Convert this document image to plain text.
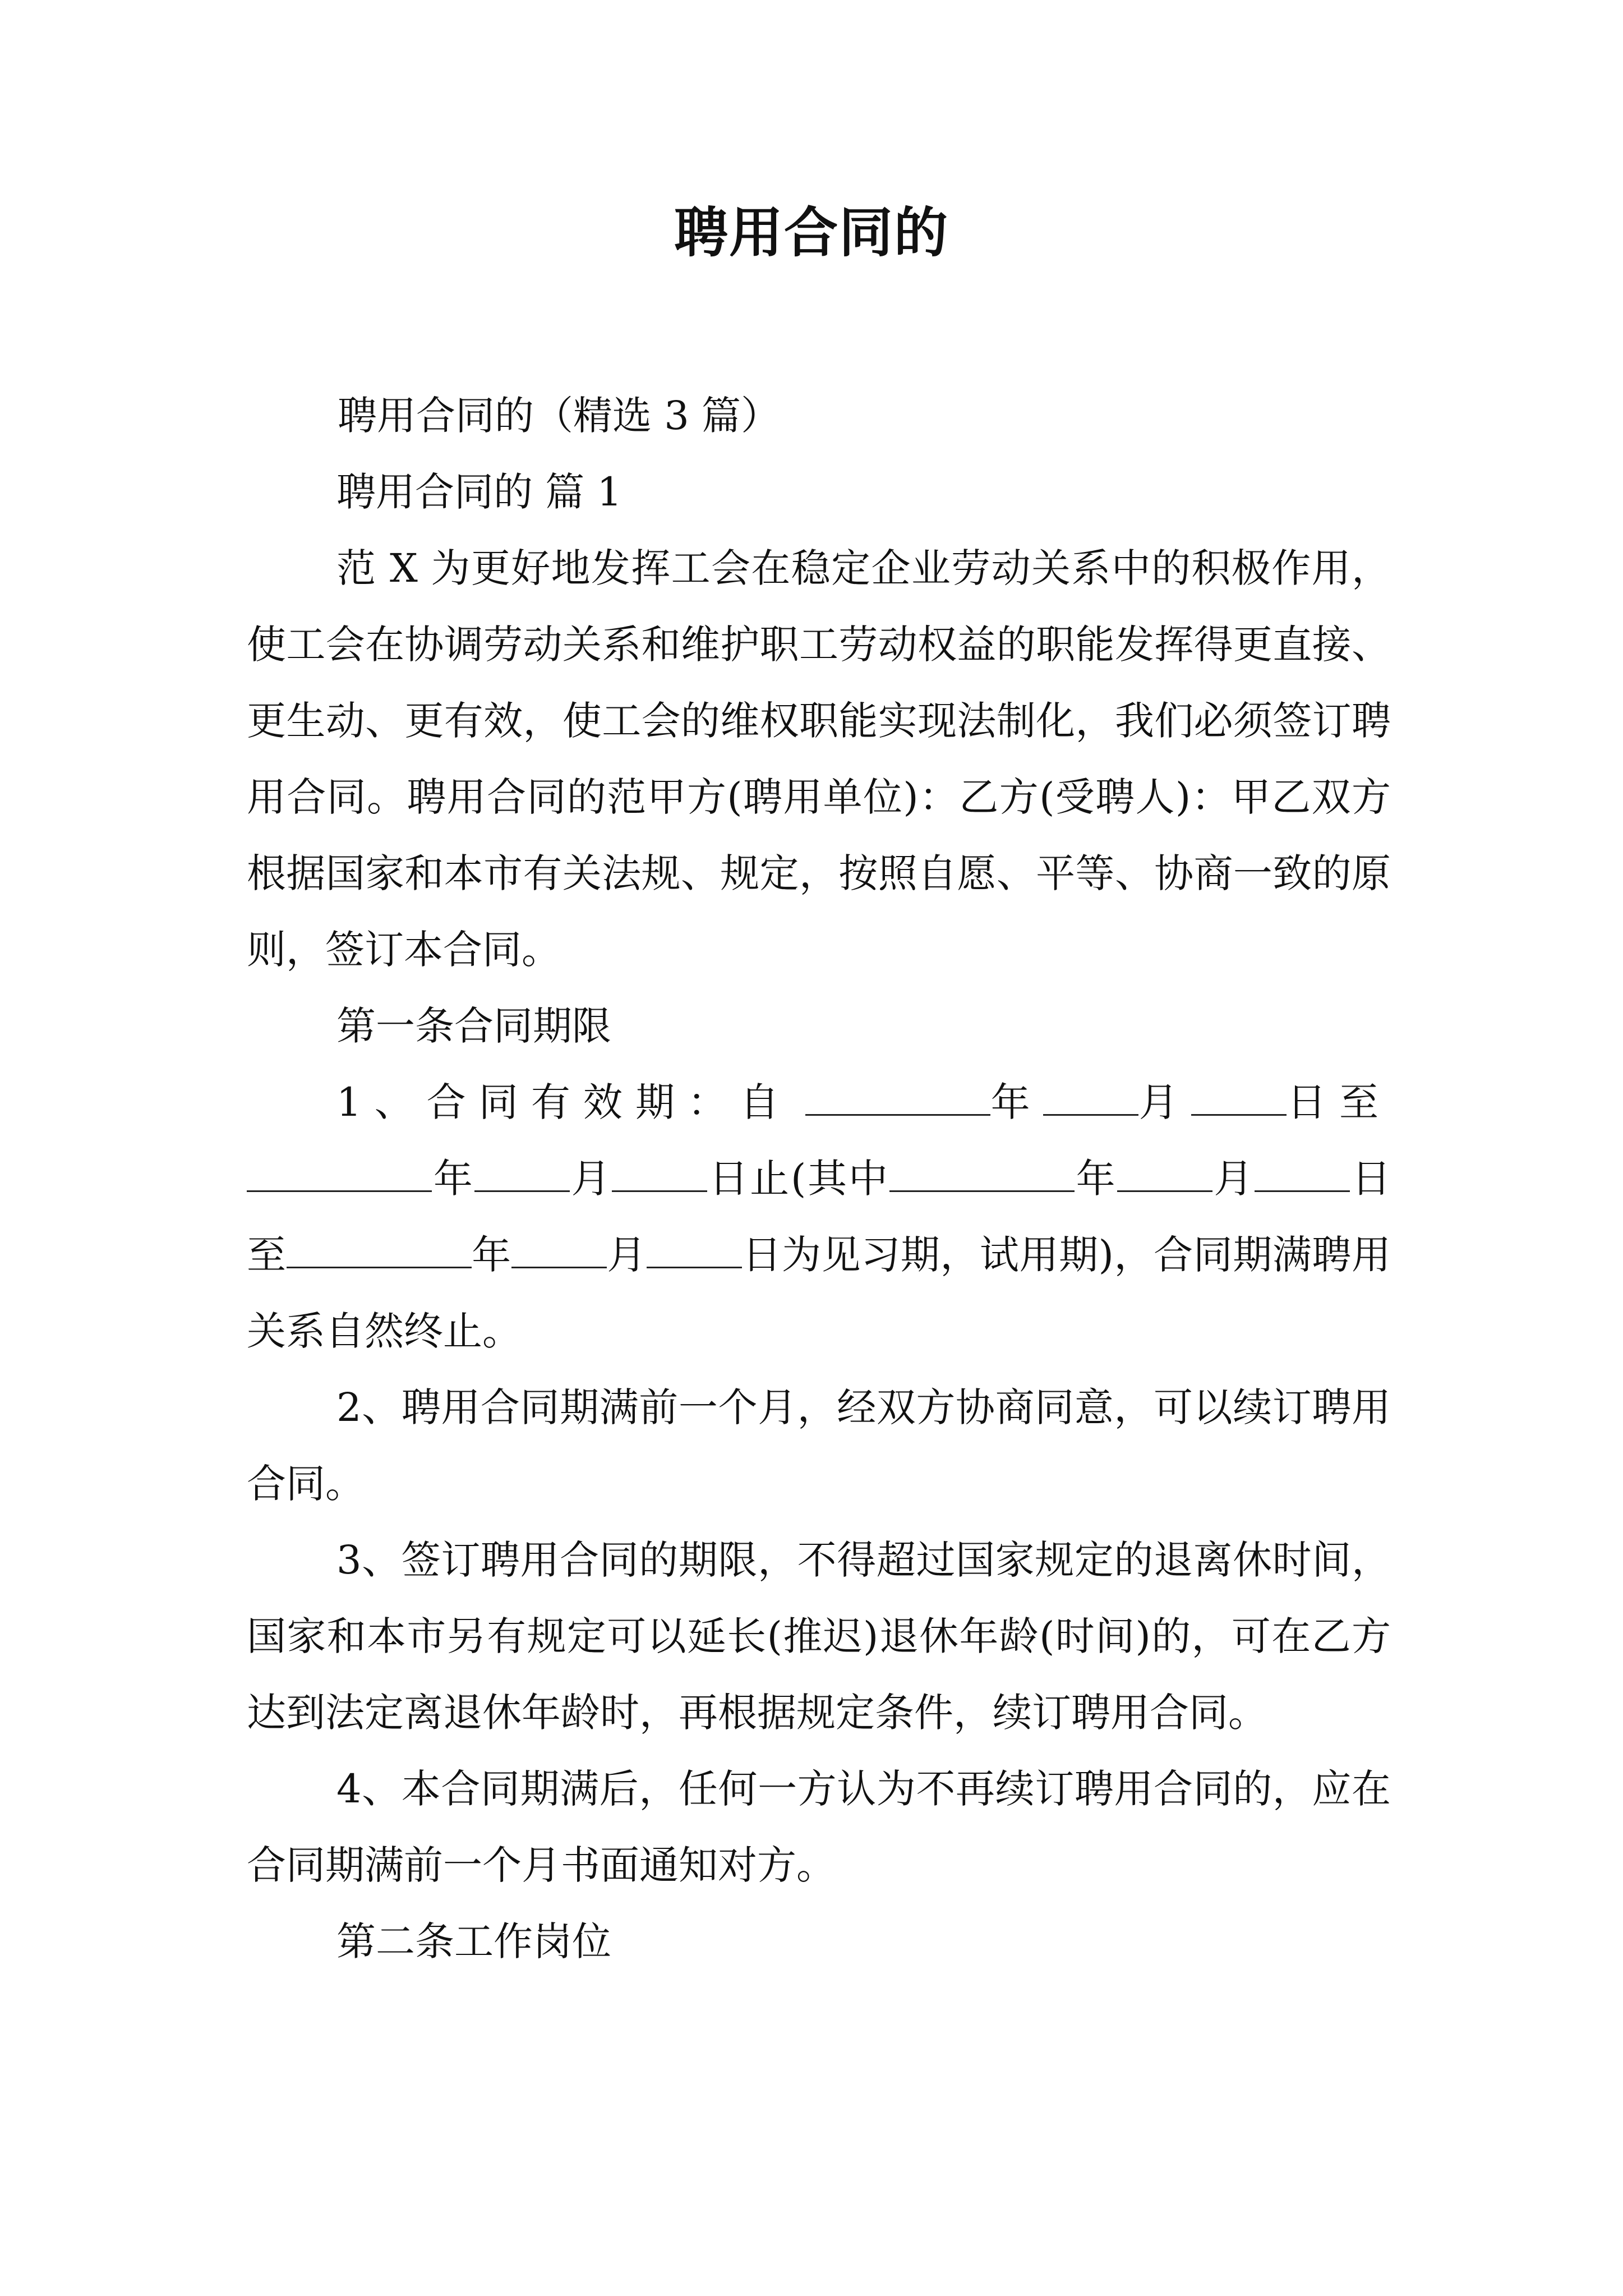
聘用合同的

聘用合同的（精选 3 篇）

聘用合同的 篇 1

范 X 为更好地发挥工会在稳定企业劳动关系中的积极作用，使工会在协调劳动关系和维护职工劳动权益的职能发挥得更直接、更生动、更有效，使工会的维权职能实现法制化，我们必须签订聘用合同。聘用合同的范甲方(聘用单位)：乙方(受聘人)：甲乙双方根据国家和本市有关法规、规定，按照自愿、平等、协商一致的原则，签订本合同。

第一条合同期限

1、合同有效期：自	年 月 日至 年 月 日止(其中	年 月 日 至	年 月 日为见习期，试用期)，合同期满聘用关系自然终止。

2、聘用合同期满前一个月，经双方协商同意，可以续订聘用合同。

3、签订聘用合同的期限，不得超过国家规定的退离休时间，国家和本市另有规定可以延长(推迟)退休年龄(时间)的，可在乙方达到法定离退休年龄时，再根据规定条件，续订聘用合同。

4、本合同期满后，任何一方认为不再续订聘用合同的，应在合同期满前一个月书面通知对方。

第二条工作岗位
